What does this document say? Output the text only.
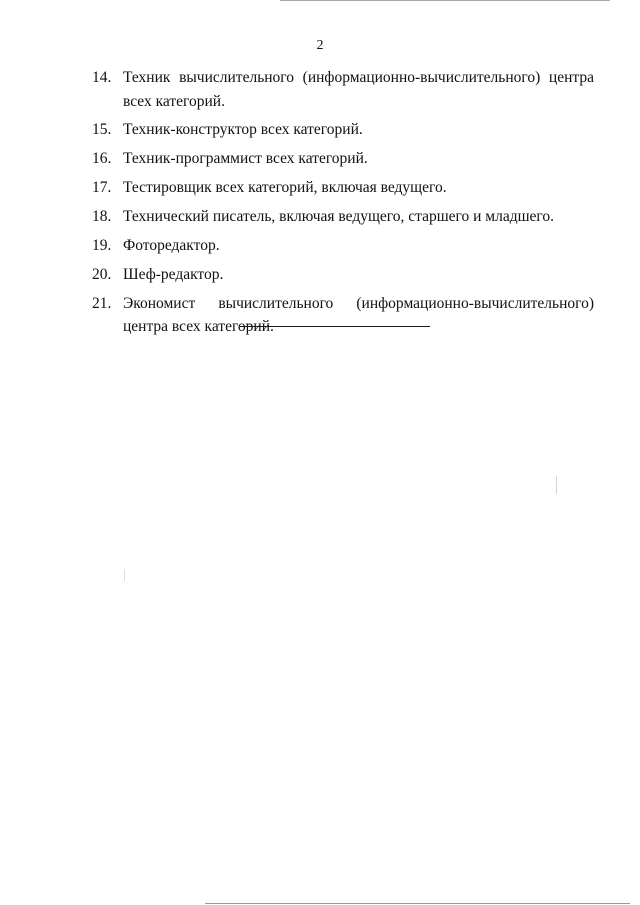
2
14. Техник вычислительного (информационно-вычислительного) центра всех категорий.
15. Техник-конструктор всех категорий.
16. Техник-программист всех категорий.
17. Тестировщик всех категорий, включая ведущего.
18. Технический писатель, включая ведущего, старшего и младшего.
19. Фоторедактор.
20. Шеф-редактор.
21. Экономист вычислительного (информационно-вычислительного) центра всех категорий.
